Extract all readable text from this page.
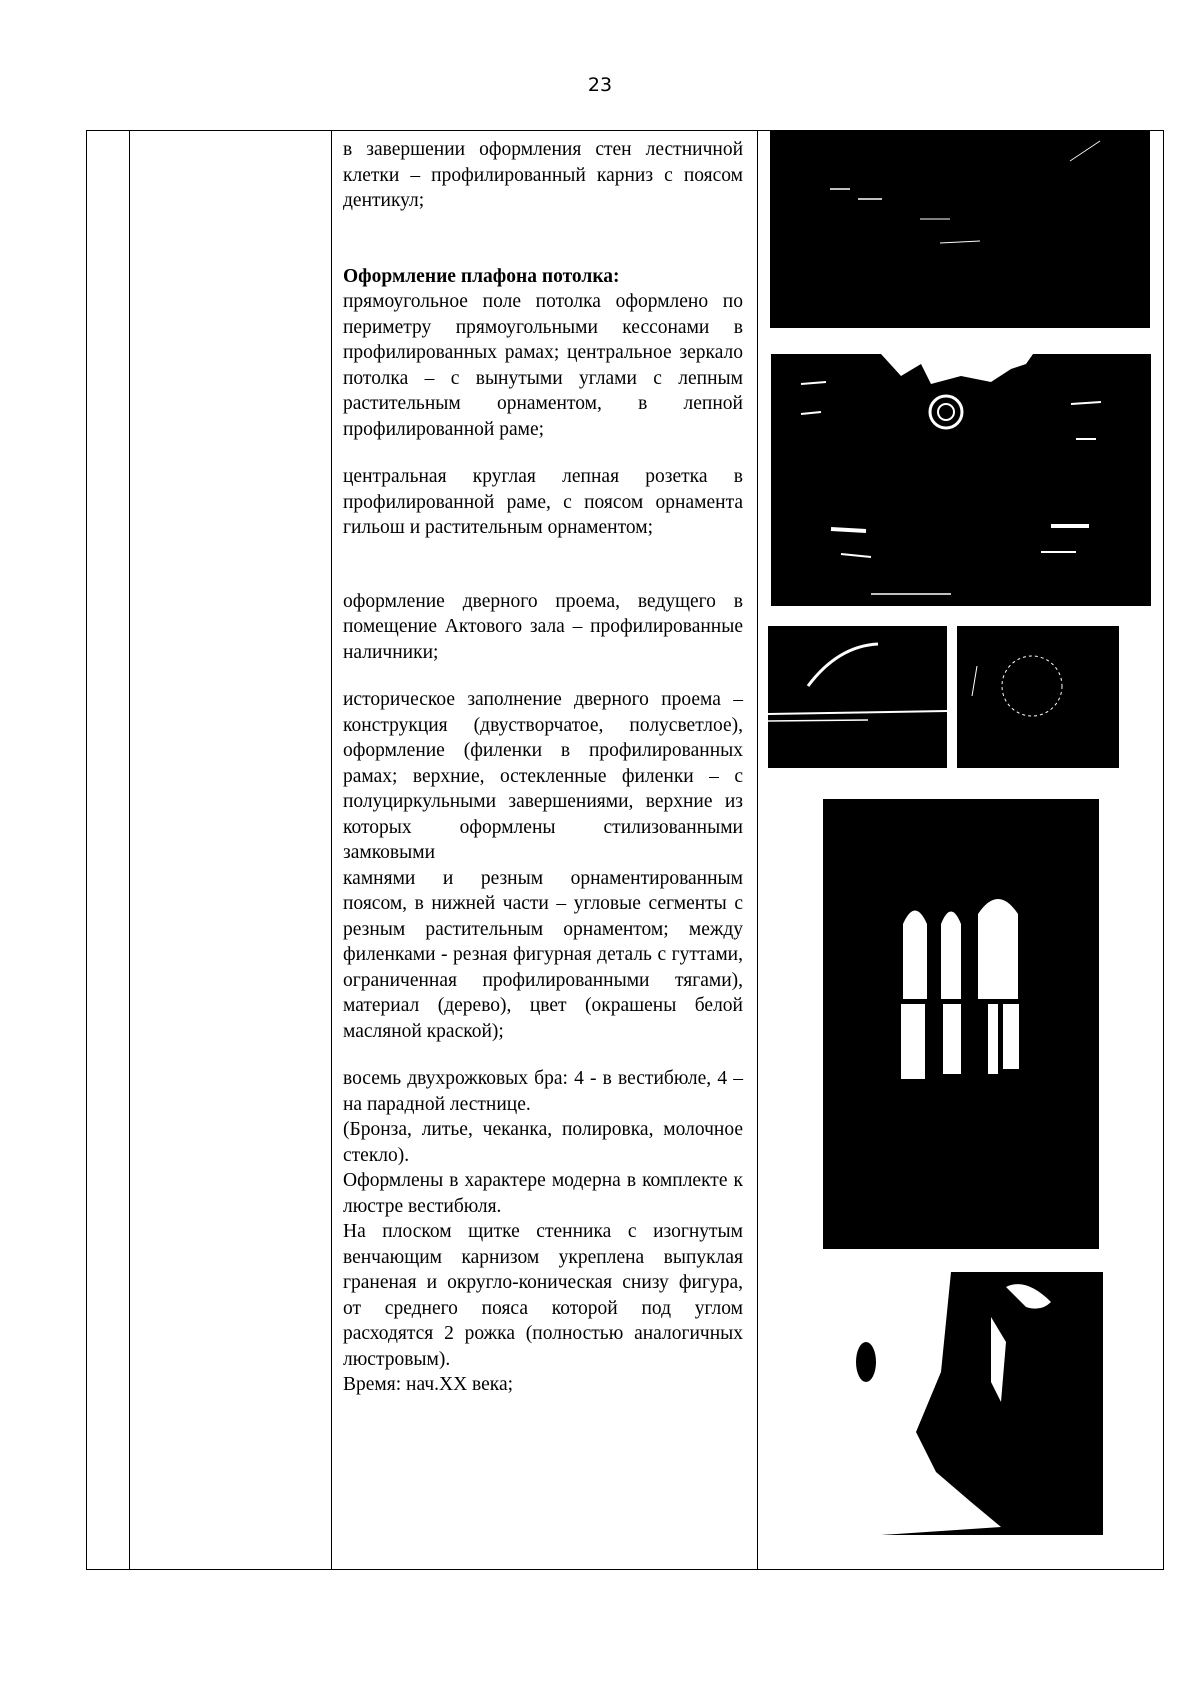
23

в завершении оформления стен лестничной клетки – профилированный карниз с поясом дентикул;

Оформление плафона потолка:

прямоугольное поле потолка оформлено по периметру прямоугольными кессонами в профилированных рамах; центральное зеркало потолка – с вынутыми углами с лепным растительным орнаментом, в лепной профилированной раме;

центральная круглая лепная розетка в профилированной раме, с поясом орнамента гильош и растительным орнаментом;

оформление дверного проема, ведущего в помещение Актового зала – профилированные наличники;

историческое заполнение дверного проема – конструкция (двустворчатое, полусветлое), оформление (филенки в профилированных рамах; верхние, остекленные филенки – с полуциркульными завершениями, верхние из которых оформлены стилизованными замковыми

камнями и резным орнаментированным поясом, в нижней части – угловые сегменты с резным растительным орнаментом; между филенками - резная фигурная деталь с гуттами, ограниченная профилированными тягами), материал (дерево), цвет (окрашены белой масляной краской);

восемь двухрожковых бра: 4 - в вестибюле, 4 – на парадной лестнице.

(Бронза, литье, чеканка, полировка, молочное стекло).

Оформлены в характере модерна в комплекте к люстре вестибюля.

На плоском щитке стенника с изогнутым венчающим карнизом укреплена выпуклая граненая и округло-коническая снизу фигура, от среднего пояса которой под углом расходятся 2 рожка (полностью аналогичных люстровым).

Время: нач.XX века;
